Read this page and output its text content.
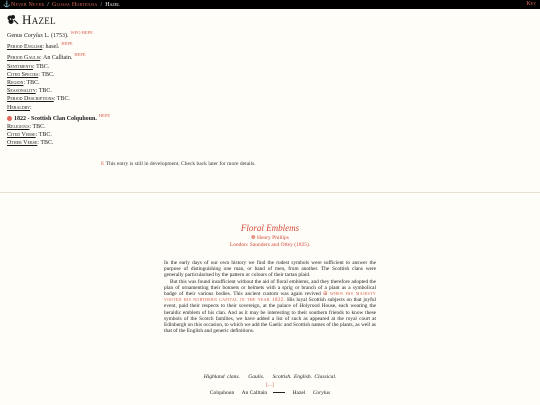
⚓ Never Never / Glossa Hortensia / Hazel	Key
Hazel
Genus Corylus L. (1753).$^{WFO HEPE}$
Period English: hasel.$^{HEPE}$
Period Gaulis: An Calltain.$^{HEPE}$
Sentiments: TBC.
Cited Species: TBC.
Region: TBC.
Seasonality: TBC.
Period Descriptions: TBC.
Heraldry:
1822 - Scottish Clan Colquhoun.$^{HEPE}$
Religious: TBC.
Cited Verse: TBC.
Other Verse: TBC.
ß This entry is still in development. Check back later for more details.
Floral Emblems
❁ Henry Phillips
London: Saunders and Otley (1825).

In the early days of our own history we find the rudest symbols were sufficient to answer the purpose of distinguishing one man, or band of men, from another. The Scottish clans were generally particularised by the pattern or colours of their tartan plaid.

But this was found insufficient without the aid of floral emblems, and they therefore adopted the plan of ornamenting their bonnets or helmets with a sprig or branch of a plant as a symbolical badge of their various bodies. This ancient custom was again revived ⊞ when his majesty visited his northern capital in the year 1822. His loyal Scottish subjects on that joyful event, paid their respects to their sovereign, at the palace of Holyrood House, each wearing the heraldic emblem of his clan. And as it may be interesting to their southern friends to know these symbols of the Scotch families, we have added a list of such as appeared at the royal court at Edinburgh on this occasion, to which we add the Gaelic and Scottish names of the plants, as well as that of the English and generic definitions.

Highland clans. Gaulis. Scottish. English. Classical.
[...]
Colquhoun An Calltain	Hazel Corylus
